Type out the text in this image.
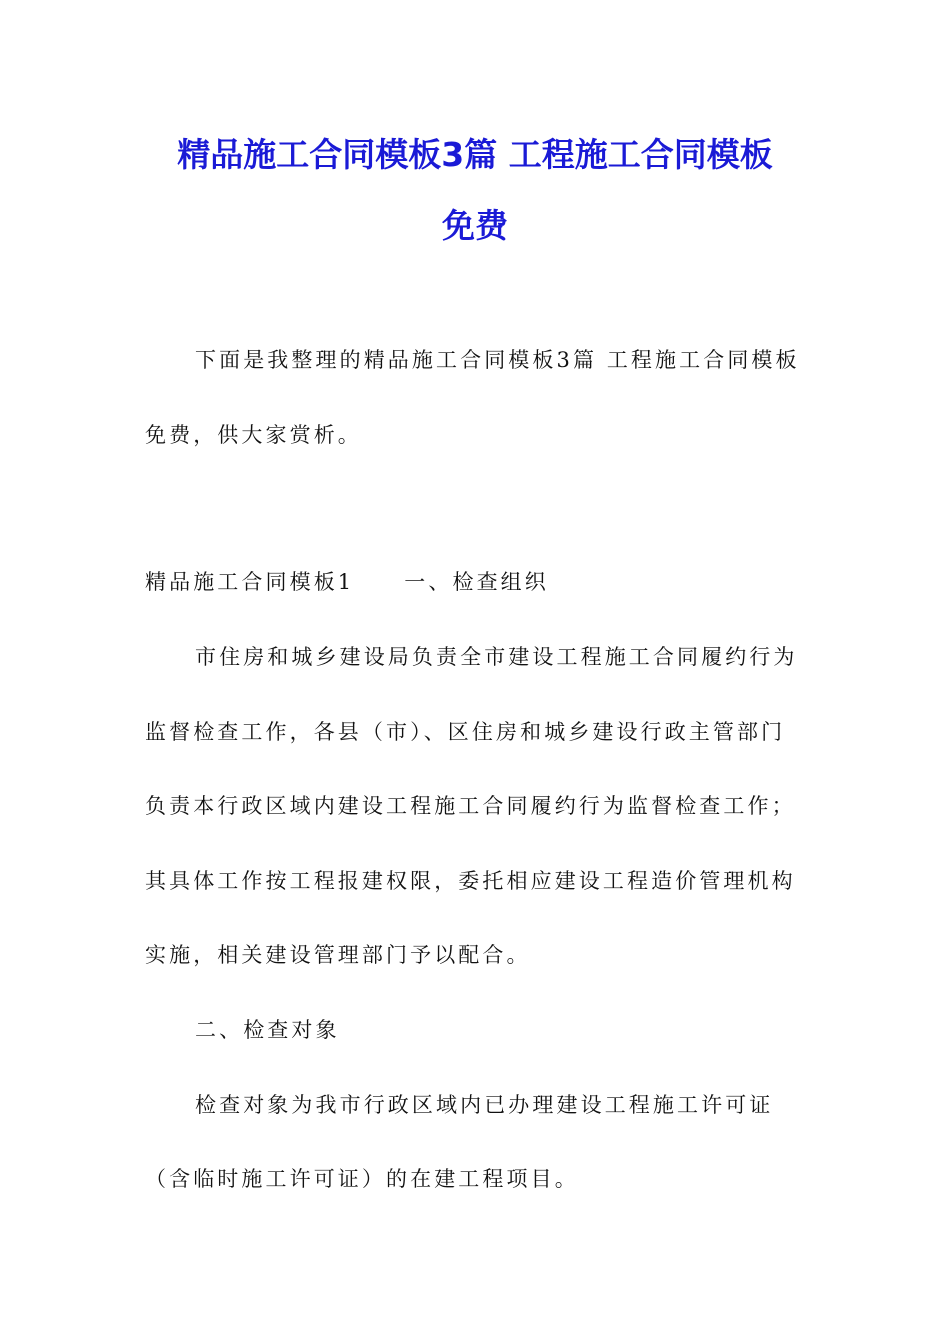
精品施工合同模板3篇 工程施工合同模板
免费
下面是我整理的精品施工合同模板3篇 工程施工合同模板
免费，供大家赏析。
精品施工合同模板1 一、检查组织
市住房和城乡建设局负责全市建设工程施工合同履约行为
监督检查工作，各县（市）、区住房和城乡建设行政主管部门
负责本行政区域内建设工程施工合同履约行为监督检查工作；
其具体工作按工程报建权限，委托相应建设工程造价管理机构
实施，相关建设管理部门予以配合。
二、检查对象
检查对象为我市行政区域内已办理建设工程施工许可证
（含临时施工许可证）的在建工程项目。
